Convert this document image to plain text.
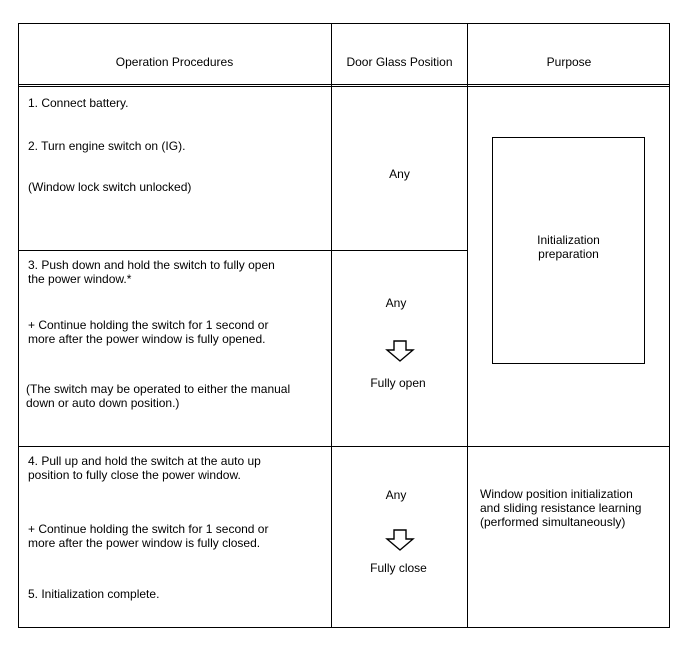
Operation Procedures	Door Glass Position	Purpose
1. Connect battery.
2. Turn engine switch on (IG).
(Window lock switch unlocked)
Any
3. Push down and hold the switch to fully open
the power window.*
+ Continue holding the switch for 1 second or
more after the power window is fully opened.
(The switch may be operated to either the manual
down or auto down position.)
Any
Fully open
Initialization
preparation
4. Pull up and hold the switch at the auto up
position to fully close the power window.
+ Continue holding the switch for 1 second or
more after the power window is fully closed.
5. Initialization complete.
Any
Fully close
Window position initialization
and sliding resistance learning
(performed simultaneously)
